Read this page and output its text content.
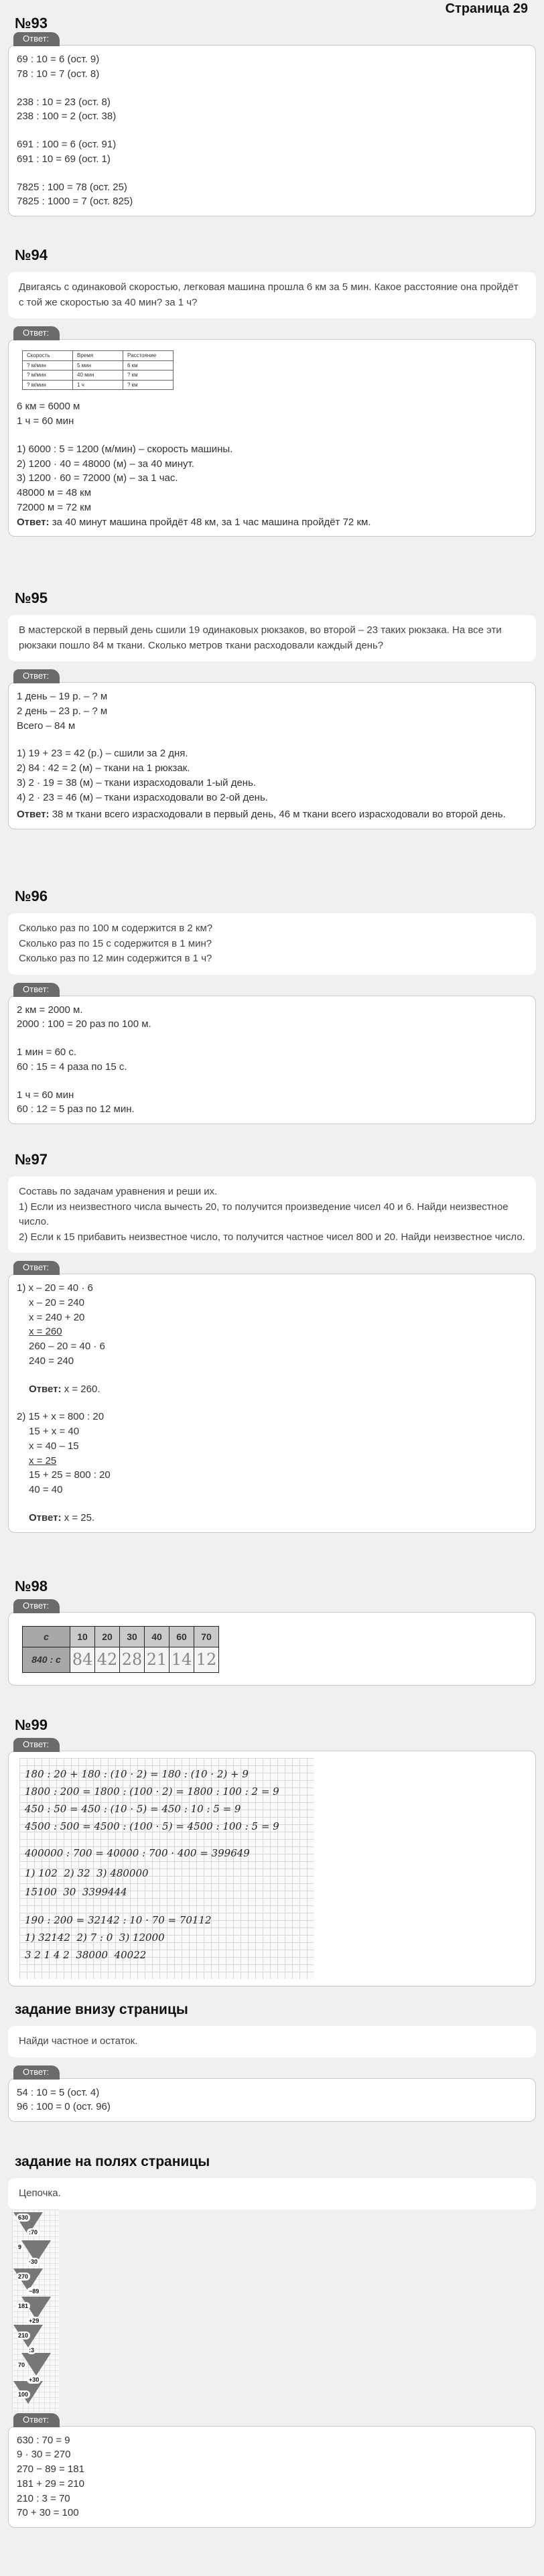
Страница 29
№93
Ответ:
69 : 10 = 6 (ост. 9)
78 : 10 = 7 (ост. 8)
238 : 10 = 23 (ост. 8)
238 : 100 = 2 (ост. 38)
691 : 100 = 6 (ост. 91)
691 : 10 = 69 (ост. 1)
7825 : 100 = 78 (ост. 25)
7825 : 1000 = 7 (ост. 825)
№94
Двигаясь с одинаковой скоростью, легковая машина прошла 6 км за 5 мин. Какое расстояние она пройдёт с той же скоростью за 40 мин? за 1 ч?
Ответ:
Скорость	Время	Расстояние
? м/мин	5 мин	6 км
? м/мин	40 мин	? км
? м/мин	1 ч	? км
6 км = 6000 м
1 ч = 60 мин
1) 6000 : 5 = 1200 (м/мин) – скорость машины.
2) 1200 · 40 = 48000 (м) – за 40 минут.
3) 1200 · 60 = 72000 (м) – за 1 час.
48000 м = 48 км
72000 м = 72 км
Ответ: за 40 минут машина пройдёт 48 км, за 1 час машина пройдёт 72 км.
№95
В мастерской в первый день сшили 19 одинаковых рюкзаков, во второй – 23 таких рюкзака. На все эти рюкзаки пошло 84 м ткани. Сколько метров ткани расходовали каждый день?
Ответ:
1 день – 19 р. – ? м
2 день – 23 р. – ? м
Всего – 84 м
1) 19 + 23 = 42 (р.) – сшили за 2 дня.
2) 84 : 42 = 2 (м) – ткани на 1 рюкзак.
3) 2 · 19 = 38 (м) – ткани израсходовали 1-ый день.
4) 2 · 23 = 46 (м) – ткани израсходовали во 2-ой день.
Ответ: 38 м ткани всего израсходовали в первый день, 46 м ткани всего израсходовали во второй день.
№96
Сколько раз по 100 м содержится в 2 км?
Сколько раз по 15 с содержится в 1 мин?
Сколько раз по 12 мин содержится в 1 ч?
Ответ:
2 км = 2000 м.
2000 : 100 = 20 раз по 100 м.
1 мин = 60 с.
60 : 15 = 4 раза по 15 с.
1 ч = 60 мин
60 : 12 = 5 раз по 12 мин.
№97
Составь по задачам уравнения и реши их.
1) Если из неизвестного числа вычесть 20, то получится произведение чисел 40 и 6. Найди неизвестное число.
2) Если к 15 прибавить неизвестное число, то получится частное чисел 800 и 20. Найди неизвестное число.
Ответ:
1) x – 20 = 40 · 6
x – 20 = 240
x = 240 + 20
x = 260
260 – 20 = 40 · 6
240 = 240
Ответ: x = 260.
2) 15 + x = 800 : 20
15 + x = 40
x = 40 – 15
x = 25
15 + 25 = 800 : 20
40 = 40
Ответ: x = 25.
№98
Ответ:
c	10	20	30	40	60	70
840 : c	84	42	28	21	14	12
№99
Ответ:
180 : 20 + 180 : (10 · 2) = 180 : (10 · 2) + 9
1800 : 200 = 1800 : (100 · 2) = 1800 : 100 : 2 = 9
450 : 50 = 450 : (10 · 5) = 450 : 10 : 5 = 9
4500 : 500 = 4500 : (100 · 5) = 4500 : 100 : 5 = 9
400000 : 700 = 40000 : 700 · 400 = 399649
1) 102  2) 32  3) 480000
15100  30  3399444
190 : 200 = 32142 : 10 · 70 = 70112
1) 32142  2) 7 : 0  3) 12000
3 2 1 4 2  38000  40022
задание внизу страницы
Найди частное и остаток.
Ответ:
54 : 10 = 5 (ост. 4)
96 : 100 = 0 (ост. 96)
задание на полях страницы
Цепочка.
630
:70
9
·30
270
−89
181
+29
210
:3
70
+30
100
Ответ:
630 : 70 = 9
9 · 30 = 270
270 − 89 = 181
181 + 29 = 210
210 : 3 = 70
70 + 30 = 100
